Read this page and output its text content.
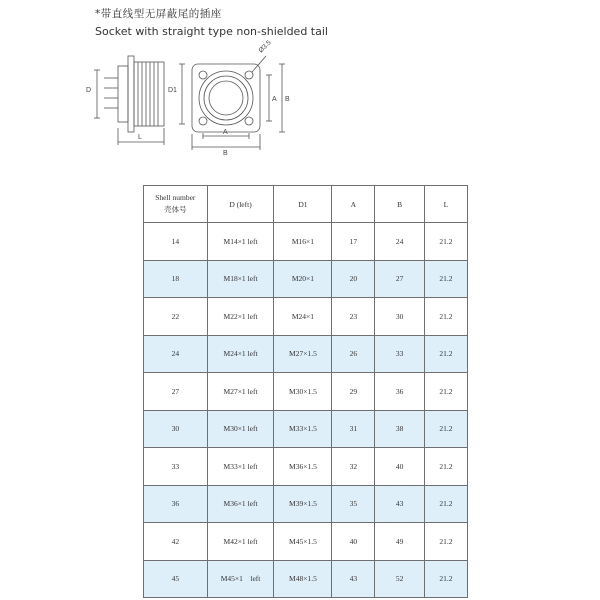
*带直线型无屏蔽尾的插座
Socket with straight type non-shielded tail
D	D1
L
Ø3.5
A B
A
B
Shell number
壳体号	D (left)	D1	A	B	L
14	M14×1 left	M16×1	17	24	21.2
18	M18×1 left	M20×1	20	27	21.2
22	M22×1 left	M24×1	23	30	21.2
24	M24×1 left	M27×1.5	26	33	21.2
27	M27×1 left	M30×1.5	29	36	21.2
30	M30×1 left	M33×1.5	31	38	21.2
33	M33×1 left	M36×1.5	32	40	21.2
36	M36×1 left	M39×1.5	35	43	21.2
42	M42×1 left	M45×1.5	40	49	21.2
45	M45×1　left	M48×1.5	43	52	21.2
